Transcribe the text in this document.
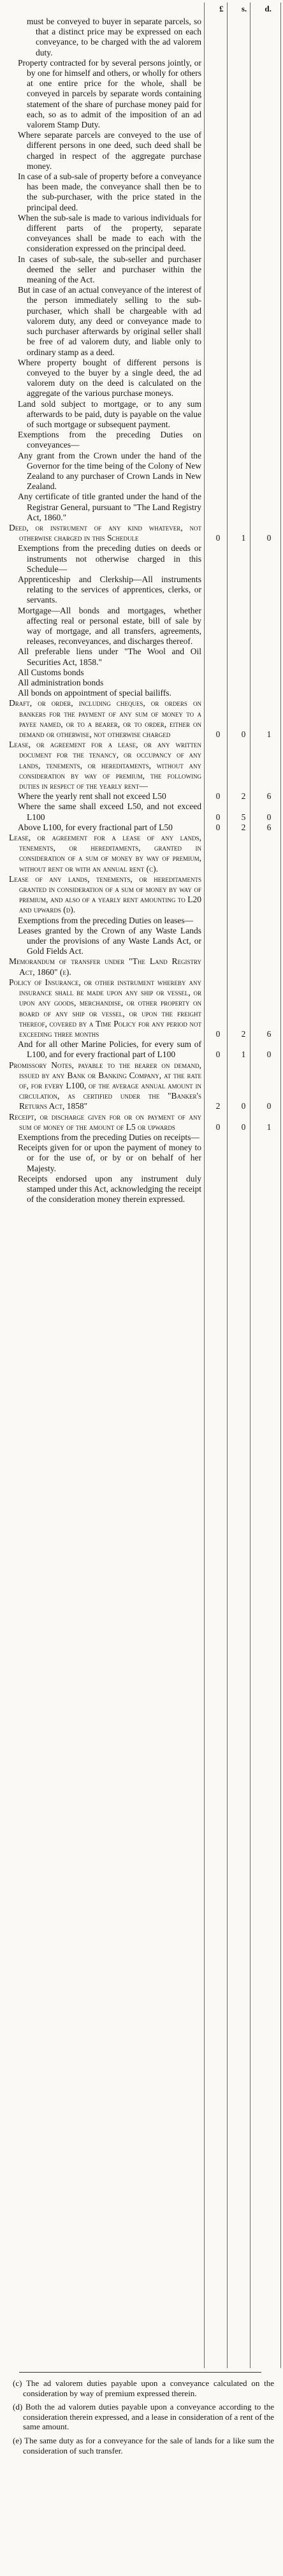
£ s. d.
must be conveyed to buyer in separate parcels, so that a distinct price may be expressed on each conveyance, to be charged with the ad valorem duty.
Property contracted for by several persons jointly, or by one for himself and others, or wholly for others at one entire price for the whole, shall be conveyed in parcels by separate words containing statement of the share of purchase money paid for each, so as to admit of the imposition of an ad valorem Stamp Duty.
Where separate parcels are conveyed to the use of different persons in one deed, such deed shall be charged in respect of the aggregate purchase money.
In case of a sub-sale of property before a conveyance has been made, the conveyance shall then be to the sub-purchaser, with the price stated in the principal deed.
When the sub-sale is made to various individuals for different parts of the property, separate conveyances shall be made to each with the consideration expressed on the principal deed.
In cases of sub-sale, the sub-seller and purchaser deemed the seller and purchaser within the meaning of the Act.
But in case of an actual conveyance of the interest of the person immediately selling to the sub-purchaser, which shall be chargeable with ad valorem duty, any deed or conveyance made to such purchaser afterwards by original seller shall be free of ad valorem duty, and liable only to ordinary stamp as a deed.
Where property bought of different persons is conveyed to the buyer by a single deed, the ad valorem duty on the deed is calculated on the aggregate of the various purchase moneys.
Land sold subject to mortgage, or to any sum afterwards to be paid, duty is payable on the value of such mortgage or subsequent payment.
Exemptions from the preceding Duties on conveyances—
Any grant from the Crown under the hand of the Governor for the time being of the Colony of New Zealand to any purchaser of Crown Lands in New Zealand.
Any certificate of title granted under the hand of the Registrar General, pursuant to "The Land Registry Act, 1860."
Deed, or instrument of any kind whatever, not otherwise charged in this Schedule	0	1	0
Exemptions from the preceding duties on deeds or instruments not otherwise charged in this Schedule—
Apprenticeship and Clerkship—All instruments relating to the services of apprentices, clerks, or servants.
Mortgage—All bonds and mortgages, whether affecting real or personal estate, bill of sale by way of mortgage, and all transfers, agreements, releases, reconveyances, and discharges thereof.
All preferable liens under "The Wool and Oil Securities Act, 1858."
All Customs bonds
All administration bonds
All bonds on appointment of special bailiffs.
Draft, or order, including cheques, or orders on bankers for the payment of any sum of money to a payee named, or to a bearer, or to order, either on demand or otherwise, not otherwise charged	0	0	1
Lease, or agreement for a lease, or any written document for the tenancy, or occupancy of any lands, tenements, or hereditaments, without any consideration by way of premium, the following duties in respect of the yearly rent—
Where the yearly rent shall not exceed L50	0	2	6
Where the same shall exceed L50, and not exceed L100	0	5	0
Above L100, for every fractional part of L50	0	2	6
Lease, or agreement for a lease of any lands, tenements, or hereditaments, granted in consideration of a sum of money by way of premium, without rent or with an annual rent (c).
Lease of any lands, tenements, or hereditaments granted in consideration of a sum of money by way of premium, and also of a yearly rent amounting to L20 and upwards (d).
Exemptions from the preceding Duties on leases—
Leases granted by the Crown of any Waste Lands under the provisions of any Waste Lands Act, or Gold Fields Act.
Memorandum of transfer under "The Land Registry Act, 1860" (e).
Policy of Insurance, or other instrument whereby any insurance shall be made upon any ship or vessel, or upon any goods, merchandise, or other property on board of any ship or vessel, or upon the freight thereof, covered by a Time Policy for any period not exceeding three months	0	2	6
And for all other Marine Policies, for every sum of L100, and for every fractional part of L100	0	1	0
Promissory Notes, payable to the bearer on demand, issued by any Bank or Banking Company, at the rate of, for every L100, of the average annual amount in circulation, as certified under the "Banker's Returns Act, 1858"	2	0	0
Receipt, or discharge given for or on payment of any sum of money of the amount of L5 or upwards	0	0	1
Exemptions from the preceding Duties on receipts—
Receipts given for or upon the payment of money to or for the use of, or by or on behalf of her Majesty.
Receipts endorsed upon any instrument duly stamped under this Act, acknowledging the receipt of the consideration money therein expressed.

(c) The ad valorem duties payable upon a conveyance calculated on the consideration by way of premium expressed therein.

(d) Both the ad valorem duties payable upon a conveyance according to the consideration therein expressed, and a lease in consideration of a rent of the same amount.

(e) The same duty as for a conveyance for the sale of lands for a like sum the consideration of such transfer.
